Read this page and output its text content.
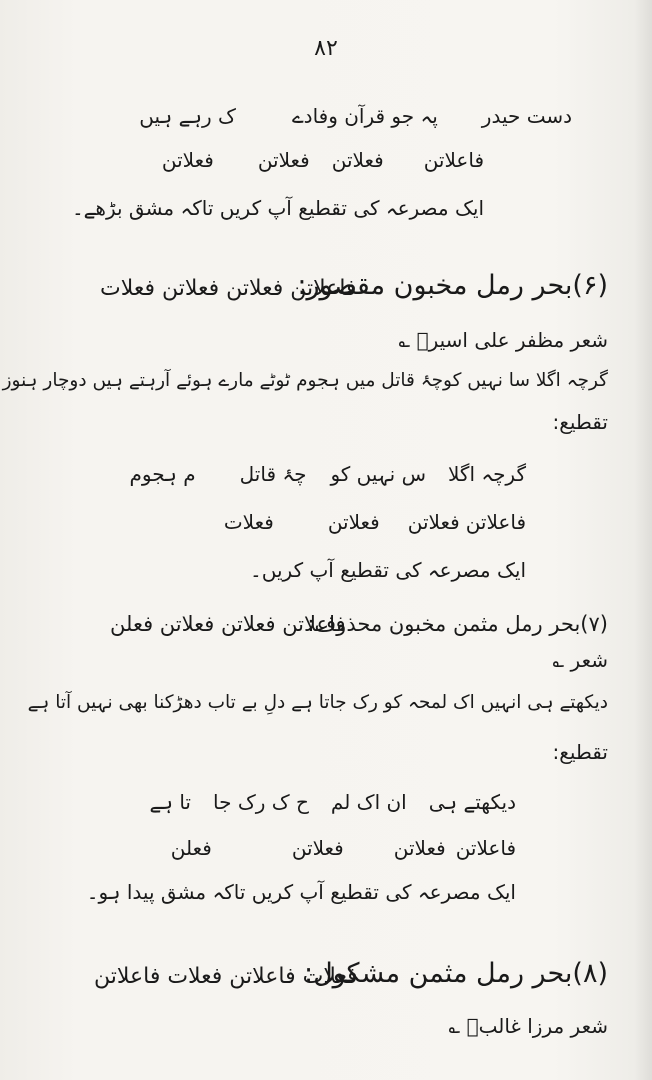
۸۲
دست حیدر
پہ جو قرآن وفادے
ک رہے ہیں
فاعلاتن
فعلاتن
فعلاتن
فعلاتن
ایک مصرعہ کی تقطیع آپ کریں تاکہ مشق بڑھے۔
(۶)بحر رمل مخبون مقصور:
فاعلاتن فعلاتن فعلاتن فعلات
شعر مظفر علی اسیرؔ ؎
گرچہ اگلا سا نہیں کوچۂ قاتل میں ہجوم ٹوٹے مارے ہوئے آرہتے ہیں دوچار ہنوز
تقطیع:
گرچہ اگلا
س نہیں کو
چۂ قاتل
م ہجوم
فاعلاتن
فعلاتن
فعلاتن
فعلات
ایک مصرعہ کی تقطیع آپ کریں۔
(۷)بحر رمل مثمن مخبون محذوف:
فاعلاتن فعلاتن فعلاتن فعلن
شعر ؎
دیکھتے ہی انہیں اک لمحہ کو رک جاتا ہے دلِ بے تاب دھڑکنا بھی نہیں آتا ہے
تقطیع:
دیکھتے ہی
ان اک لم
ح ک رک جا
تا ہے
فاعلاتن
فعلاتن
فعلاتن
فعلن
ایک مصرعہ کی تقطیع آپ کریں تاکہ مشق پیدا ہو۔
(۸)بحر رمل مثمن مشکول:
فعلات فاعلاتن فعلات فاعلاتن
شعر مرزا غالبؔ ؎
